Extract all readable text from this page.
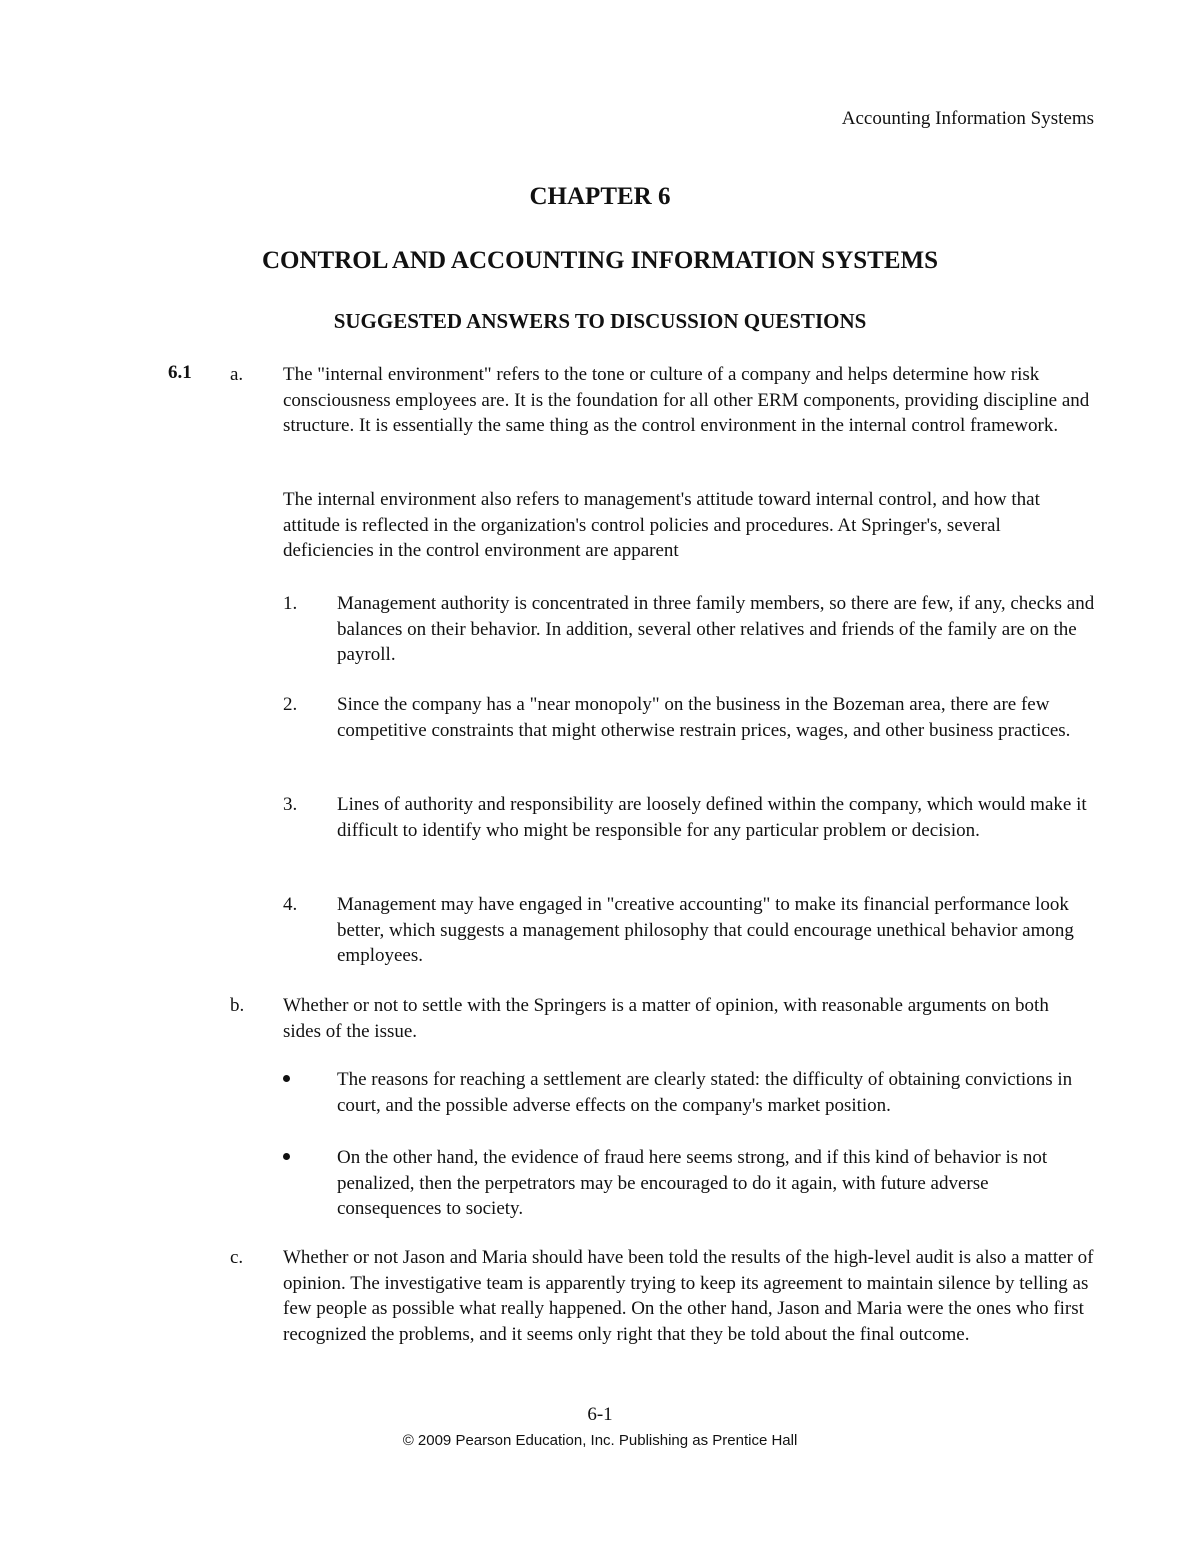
Accounting Information Systems
CHAPTER 6
CONTROL AND ACCOUNTING INFORMATION SYSTEMS
SUGGESTED ANSWERS TO DISCUSSION QUESTIONS
6.1 a. The "internal environment" refers to the tone or culture of a company and helps determine how risk consciousness employees are. It is the foundation for all other ERM components, providing discipline and structure. It is essentially the same thing as the control environment in the internal control framework.

The internal environment also refers to management's attitude toward internal control, and how that attitude is reflected in the organization's control policies and procedures. At Springer's, several deficiencies in the control environment are apparent

1. Management authority is concentrated in three family members, so there are few, if any, checks and balances on their behavior. In addition, several other relatives and friends of the family are on the payroll.

2. Since the company has a "near monopoly" on the business in the Bozeman area, there are few competitive constraints that might otherwise restrain prices, wages, and other business practices.

3. Lines of authority and responsibility are loosely defined within the company, which would make it difficult to identify who might be responsible for any particular problem or decision.

4. Management may have engaged in "creative accounting" to make its financial performance look better, which suggests a management philosophy that could encourage unethical behavior among employees.

b. Whether or not to settle with the Springers is a matter of opinion, with reasonable arguments on both sides of the issue.

The reasons for reaching a settlement are clearly stated: the difficulty of obtaining convictions in court, and the possible adverse effects on the company's market position.

On the other hand, the evidence of fraud here seems strong, and if this kind of behavior is not penalized, then the perpetrators may be encouraged to do it again, with future adverse consequences to society.

c. Whether or not Jason and Maria should have been told the results of the high-level audit is also a matter of opinion. The investigative team is apparently trying to keep its agreement to maintain silence by telling as few people as possible what really happened. On the other hand, Jason and Maria were the ones who first recognized the problems, and it seems only right that they be told about the final outcome.

6-1
© 2009 Pearson Education, Inc. Publishing as Prentice Hall
